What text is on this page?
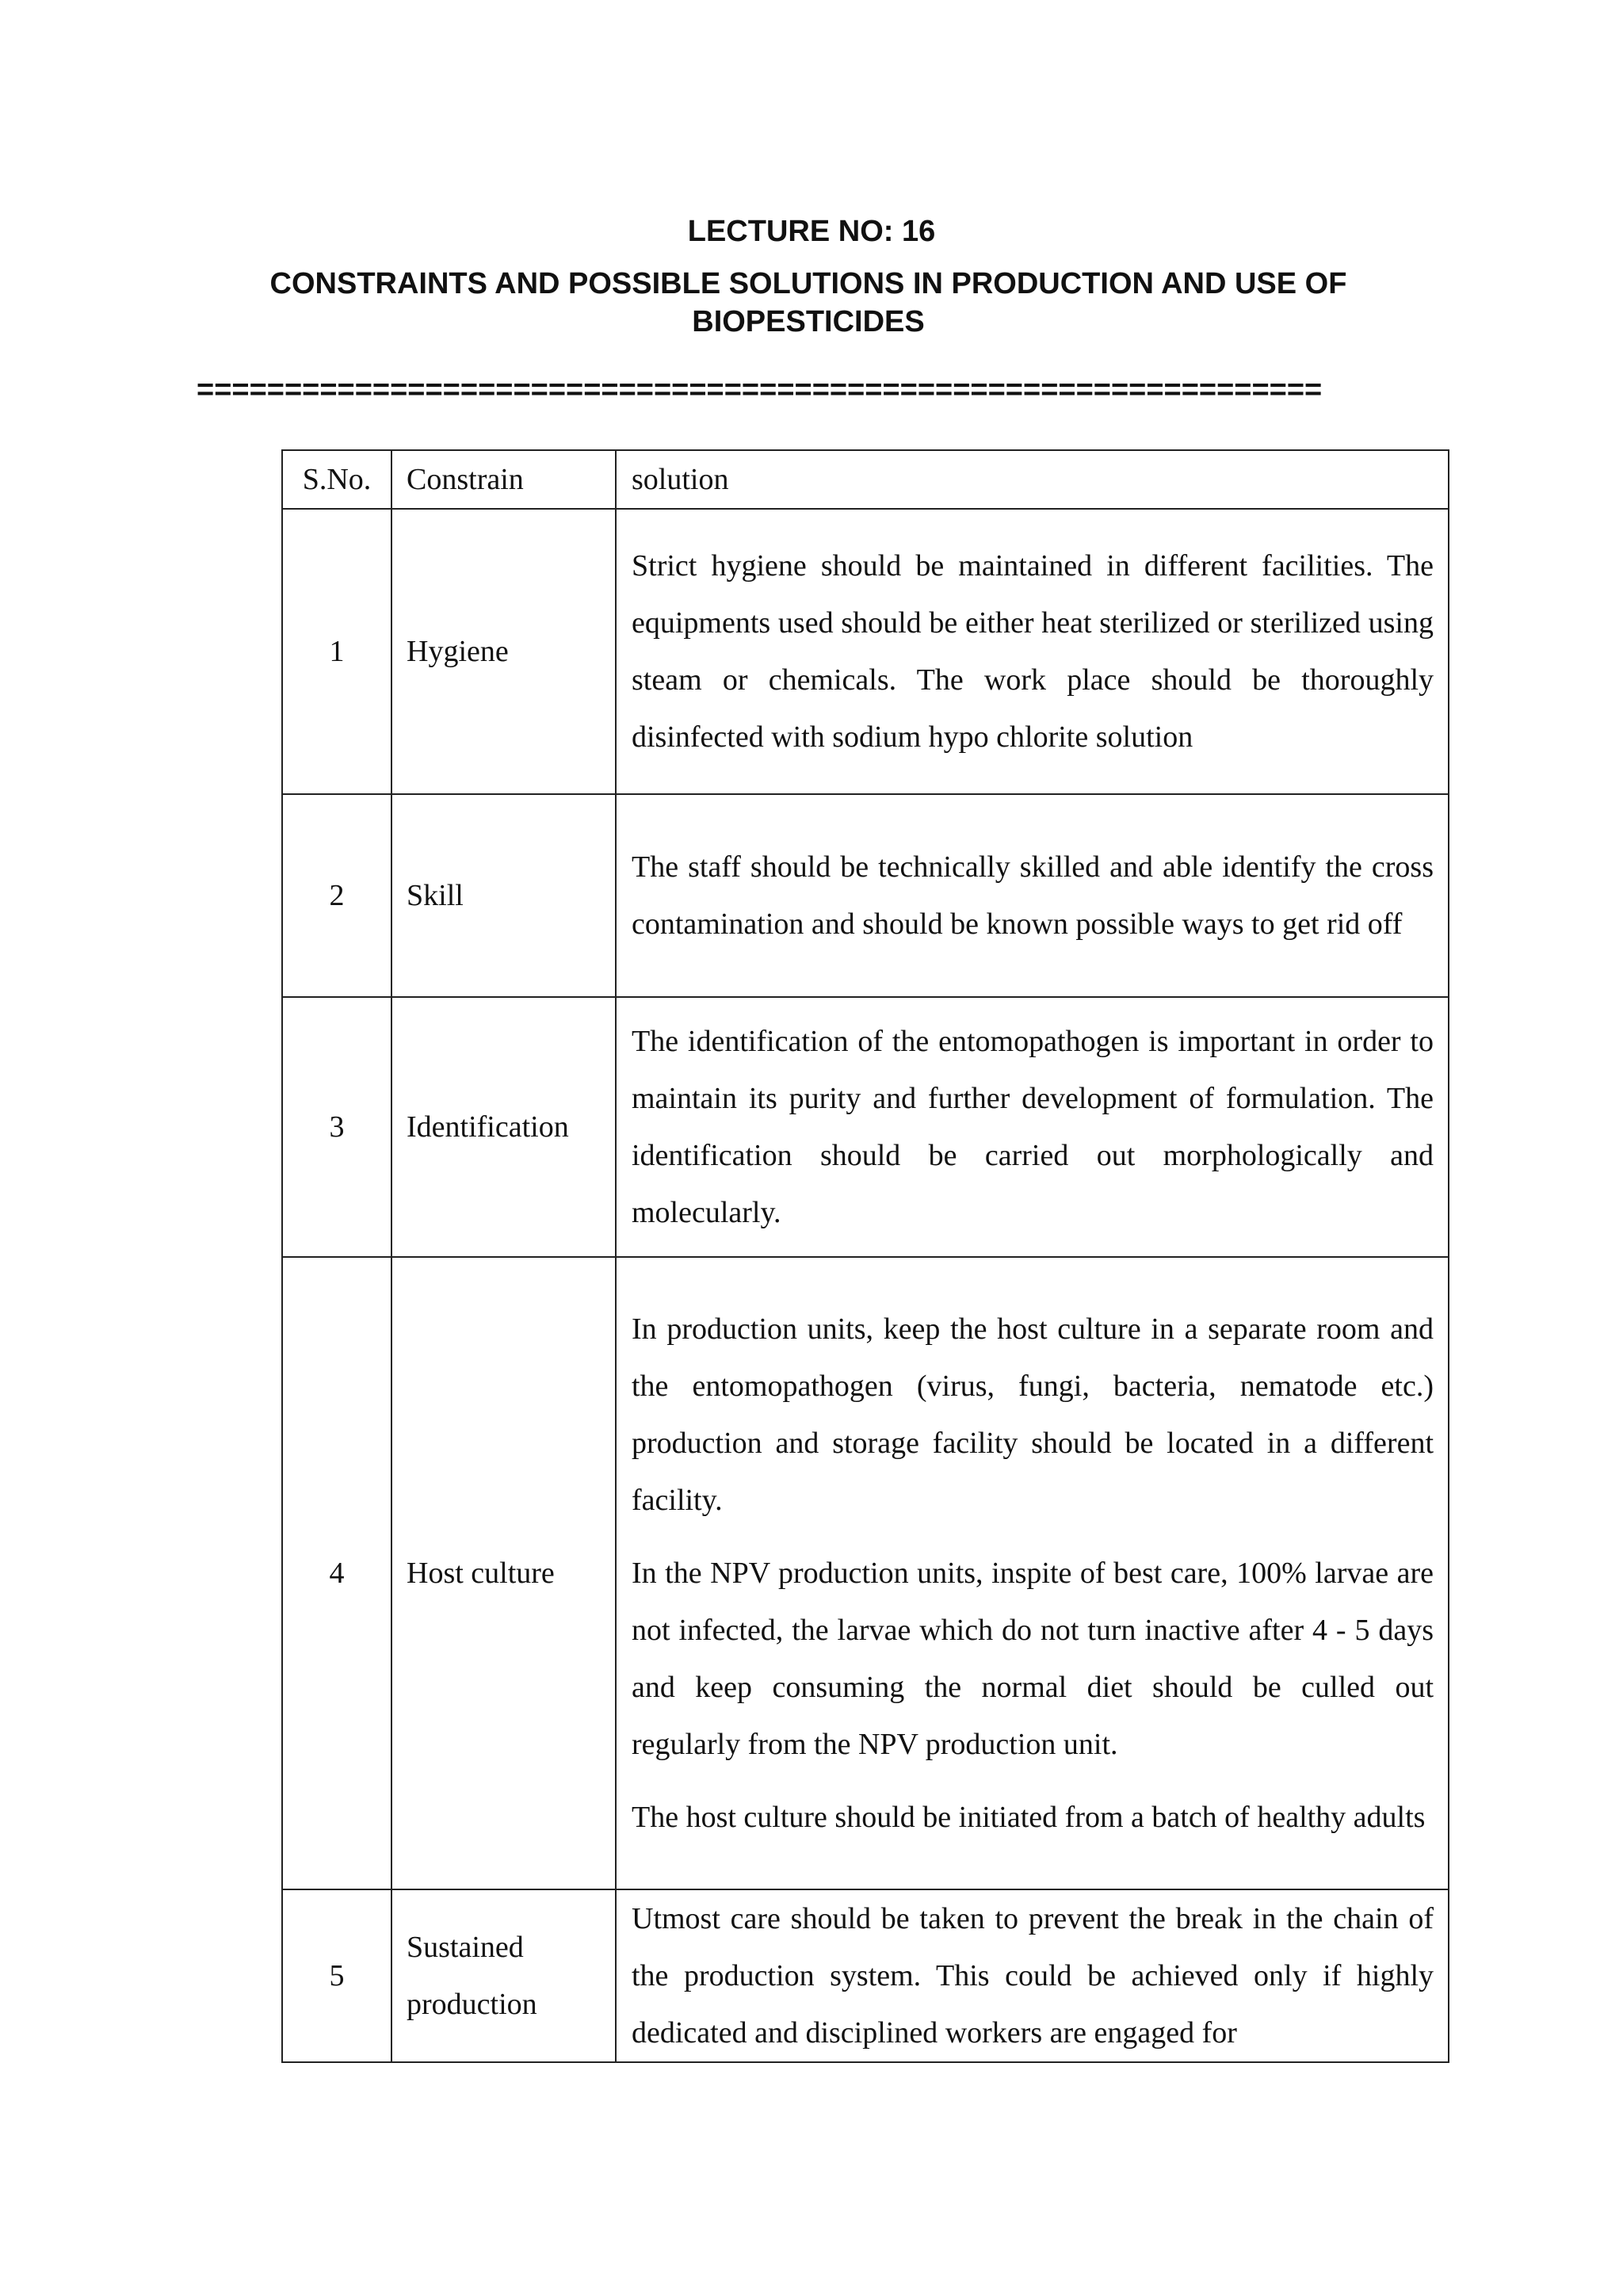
LECTURE NO: 16
CONSTRAINTS AND POSSIBLE SOLUTIONS IN PRODUCTION AND USE OF BIOPESTICIDES
================================================================
S.No.	Constrain	solution
1	Hygiene	Strict hygiene should be maintained in different facilities. The equipments used should be either heat sterilized or sterilized using steam or chemicals. The work place should be thoroughly disinfected with sodium hypo chlorite solution

2	Skill	The staff should be technically skilled and able identify the cross contamination and should be known possible ways to get rid off

3	Identification	The identification of the entomopathogen is important in order to maintain its purity and further development of formulation. The identification should be carried out morphologically and molecularly.

4	Host culture	In production units, keep the host culture in a separate room and the entomopathogen (virus, fungi, bacteria, nematode etc.) production and storage facility should be located in a different facility.

In the NPV production units, inspite of best care, 100% larvae are not infected, the larvae which do not turn inactive after 4 - 5 days and keep consuming the normal diet should be culled out regularly from the NPV production unit.

The host culture should be initiated from a batch of healthy adults

5	Sustained production	Utmost care should be taken to prevent the break in the chain of the production system. This could be achieved only if highly dedicated and disciplined workers are engaged for
